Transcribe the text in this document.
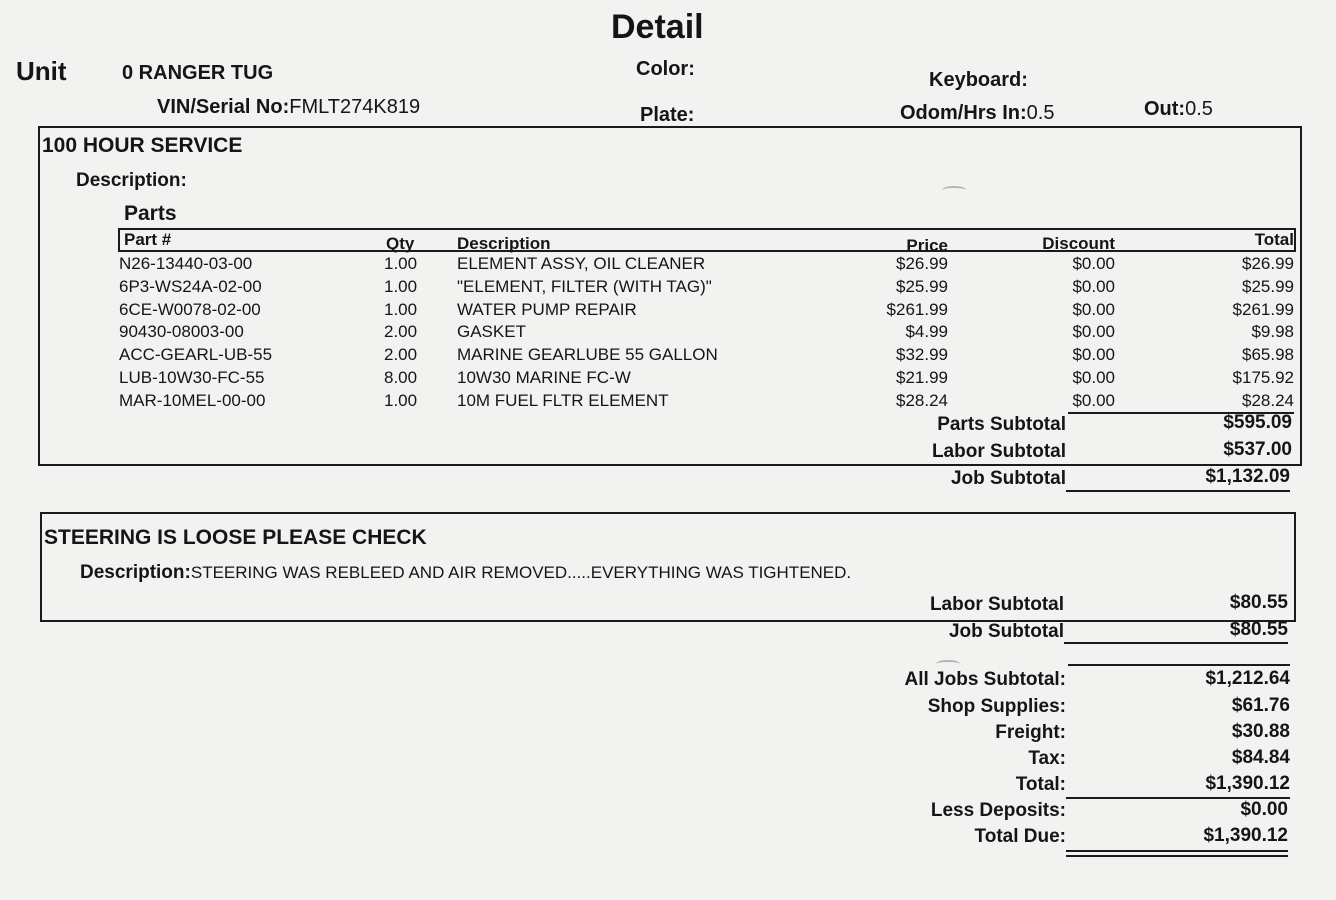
Detail
Unit	0 RANGER TUG
VIN/Serial No:FMLT274K819
Color:
Plate:
Keyboard:
Odom/Hrs In:0.5	Out:0.5
100 HOUR SERVICE
Description:
Parts
Part #	Qty	Description	Price	Discount	Total
N26-13440-03-00	1.00 ELEMENT ASSY, OIL CLEANER	$26.99	$0.00	$26.99
6P3-WS24A-02-00	1.00 "ELEMENT, FILTER (WITH TAG)"	$25.99	$0.00	$25.99
6CE-W0078-02-00	1.00 WATER PUMP REPAIR	$261.99	$0.00	$261.99
90430-08003-00	2.00 GASKET	$4.99	$0.00	$9.98
ACC-GEARL-UB-55	2.00 MARINE GEARLUBE 55 GALLON	$32.99	$0.00	$65.98
LUB-10W30-FC-55	8.00 10W30 MARINE FC-W	$21.99	$0.00	$175.92
MAR-10MEL-00-00	1.00 10M FUEL FLTR ELEMENT	$28.24	$0.00	$28.24
Parts Subtotal	$595.09
Labor Subtotal	$537.00
Job Subtotal	$1,132.09
STEERING IS LOOSE PLEASE CHECK
Description:STEERING WAS REBLEED AND AIR REMOVED.....EVERYTHING WAS TIGHTENED.
Labor Subtotal	$80.55
Job Subtotal	$80.55
All Jobs Subtotal:	$1,212.64
Shop Supplies:	$61.76
Freight:	$30.88
Tax:	$84.84
Total:	$1,390.12
Less Deposits:	$0.00
Total Due:	$1,390.12
